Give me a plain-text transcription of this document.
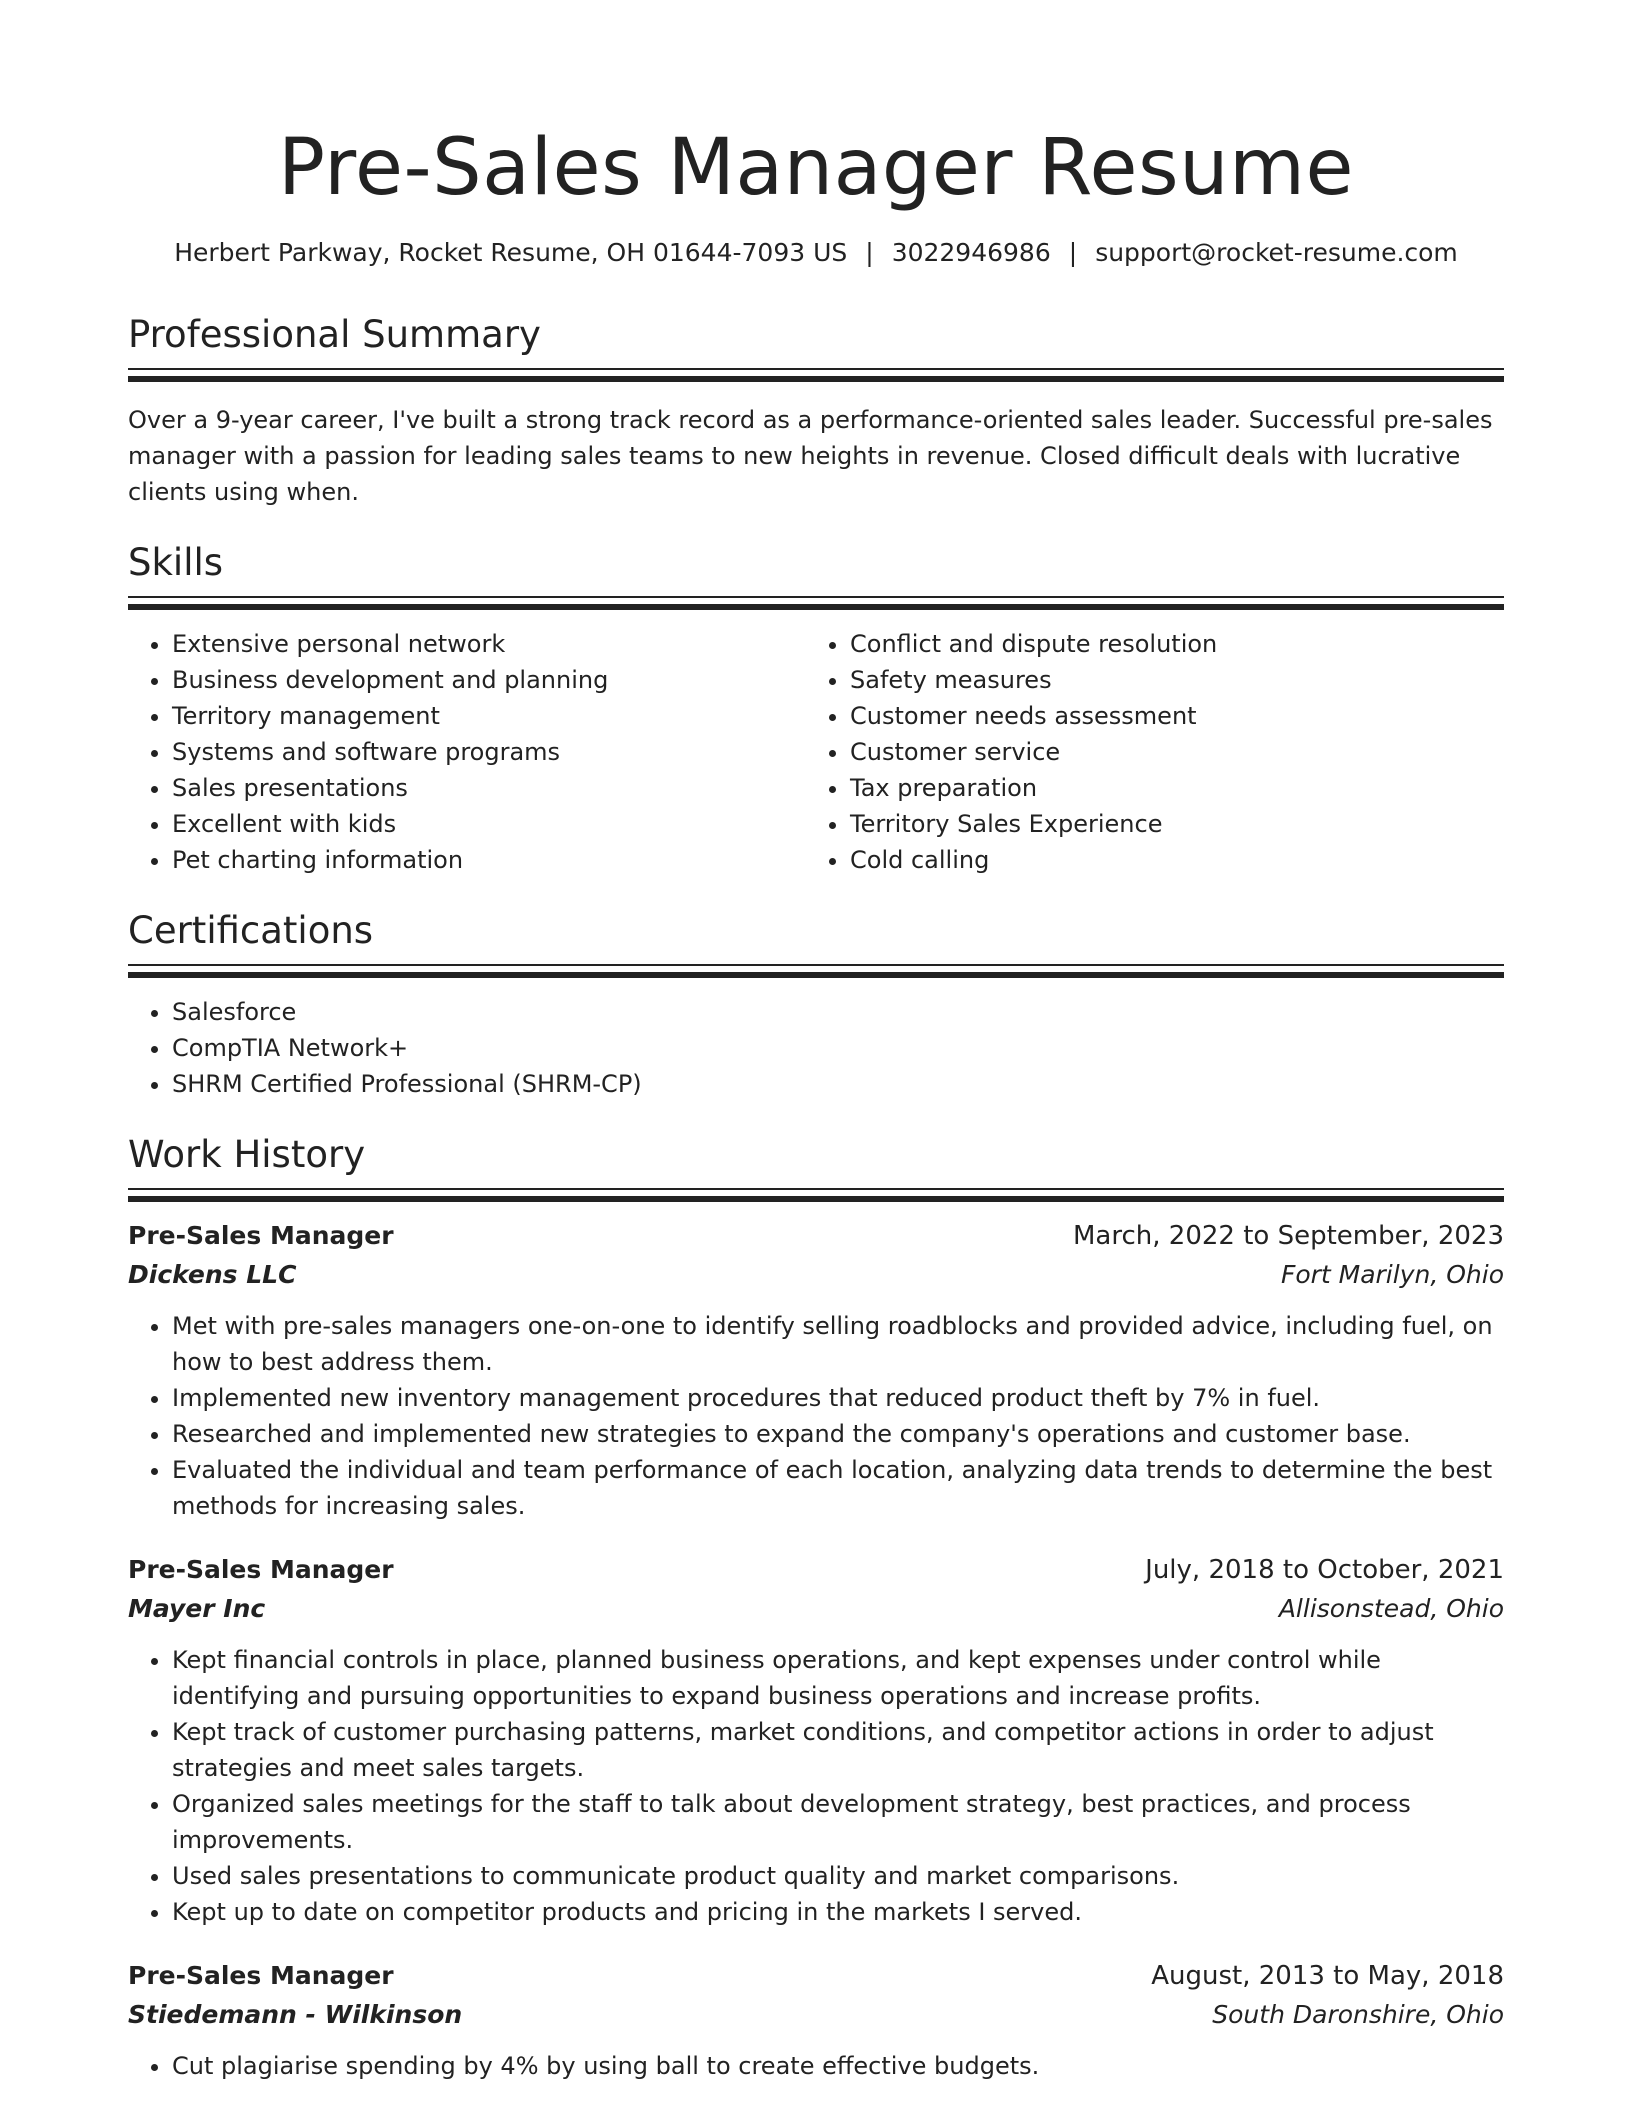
Pre-Sales Manager Resume
Herbert Parkway, Rocket Resume, OH 01644-7093 US | 3022946986 | support@rocket-resume.com
Professional Summary

Over a 9-year career, I've built a strong track record as a performance-oriented sales leader. Successful pre-sales manager with a passion for leading sales teams to new heights in revenue. Closed difficult deals with lucrative clients using when.

Skills
• Extensive personal network
• Business development and planning
• Territory management
• Systems and software programs
• Sales presentations
• Excellent with kids
• Pet charting information
• Conflict and dispute resolution
• Safety measures
• Customer needs assessment
• Customer service
• Tax preparation
• Territory Sales Experience
• Cold calling
Certifications
• Salesforce
• CompTIA Network+
• SHRM Certified Professional (SHRM-CP)
Work History
Pre-Sales Manager	March, 2022 to September, 2023
Dickens LLC	Fort Marilyn, Ohio
• Met with pre-sales managers one-on-one to identify selling roadblocks and provided advice, including fuel, on how to best address them.
• Implemented new inventory management procedures that reduced product theft by 7% in fuel.
• Researched and implemented new strategies to expand the company's operations and customer base.
• Evaluated the individual and team performance of each location, analyzing data trends to determine the best methods for increasing sales.
Pre-Sales Manager	July, 2018 to October, 2021
Mayer Inc	Allisonstead, Ohio
• Kept financial controls in place, planned business operations, and kept expenses under control while identifying and pursuing opportunities to expand business operations and increase profits.
• Kept track of customer purchasing patterns, market conditions, and competitor actions in order to adjust strategies and meet sales targets.
• Organized sales meetings for the staff to talk about development strategy, best practices, and process improvements.
• Used sales presentations to communicate product quality and market comparisons.
• Kept up to date on competitor products and pricing in the markets I served.
Pre-Sales Manager	August, 2013 to May, 2018
Stiedemann - Wilkinson	South Daronshire, Ohio
• Cut plagiarise spending by 4% by using ball to create effective budgets.
